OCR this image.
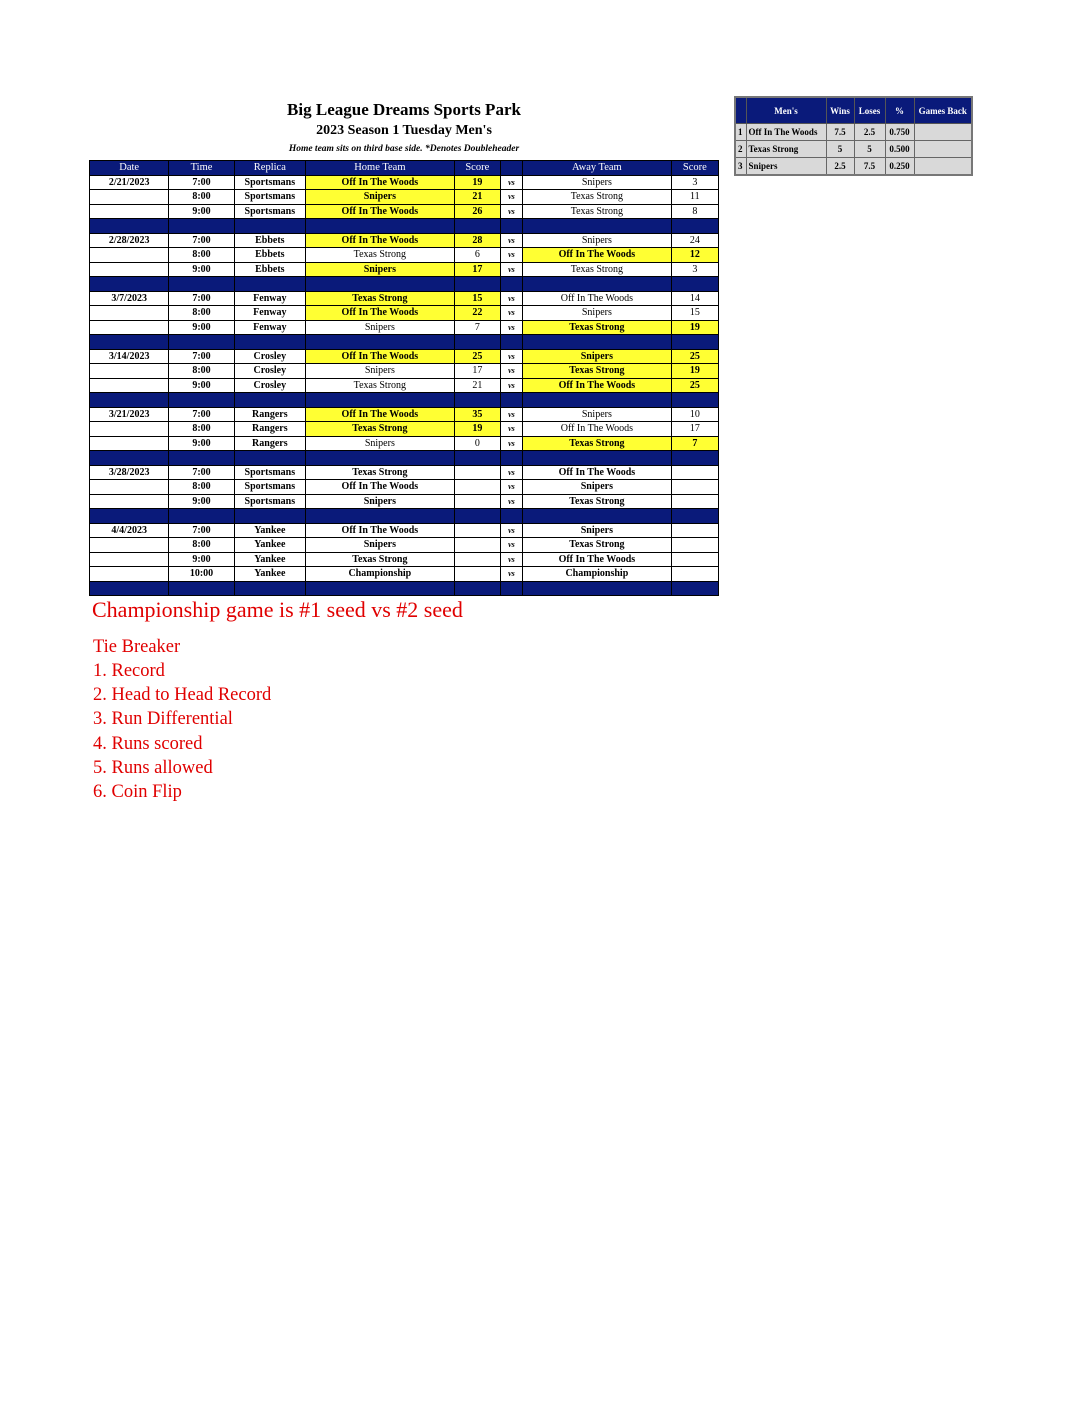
Big League Dreams Sports Park
2023 Season 1 Tuesday Men's
Home team sits on third base side. *Denotes Doubleheader
Date	Time	Replica	Home Team	Score		Away Team	Score
2/21/2023	7:00	Sportsmans	Off In The Woods	19	vs	Snipers	3
	8:00	Sportsmans	Snipers	21	vs	Texas Strong	11
	9:00	Sportsmans	Off In The Woods	26	vs	Texas Strong	8

2/28/2023	7:00	Ebbets	Off In The Woods	28	vs	Snipers	24
	8:00	Ebbets	Texas Strong	6	vs	Off In The Woods	12
	9:00	Ebbets	Snipers	17	vs	Texas Strong	3

3/7/2023	7:00	Fenway	Texas Strong	15	vs	Off In The Woods	14
	8:00	Fenway	Off In The Woods	22	vs	Snipers	15
	9:00	Fenway	Snipers	7	vs	Texas Strong	19

3/14/2023	7:00	Crosley	Off In The Woods	25	vs	Snipers	25
	8:00	Crosley	Snipers	17	vs	Texas Strong	19
	9:00	Crosley	Texas Strong	21	vs	Off In The Woods	25

3/21/2023	7:00	Rangers	Off In The Woods	35	vs	Snipers	10
	8:00	Rangers	Texas Strong	19	vs	Off In The Woods	17
	9:00	Rangers	Snipers	0	vs	Texas Strong	7

3/28/2023	7:00	Sportsmans	Texas Strong		vs	Off In The Woods	
	8:00	Sportsmans	Off In The Woods		vs	Snipers	
	9:00	Sportsmans	Snipers		vs	Texas Strong	

4/4/2023	7:00	Yankee	Off In The Woods		vs	Snipers	
	8:00	Yankee	Snipers		vs	Texas Strong	
	9:00	Yankee	Texas Strong		vs	Off In The Woods	
	10:00	Yankee	Championship		vs	Championship	

	Men's	Wins	Loses	%	Games Back
1	Off In The Woods	7.5	2.5	0.750	
2	Texas Strong	5	5	0.500	
3	Snipers	2.5	7.5	0.250	
Championship game is #1 seed vs #2 seed
Tie Breaker
1. Record
2. Head to Head Record
3. Run Differential
4. Runs scored
5. Runs allowed
6. Coin Flip
